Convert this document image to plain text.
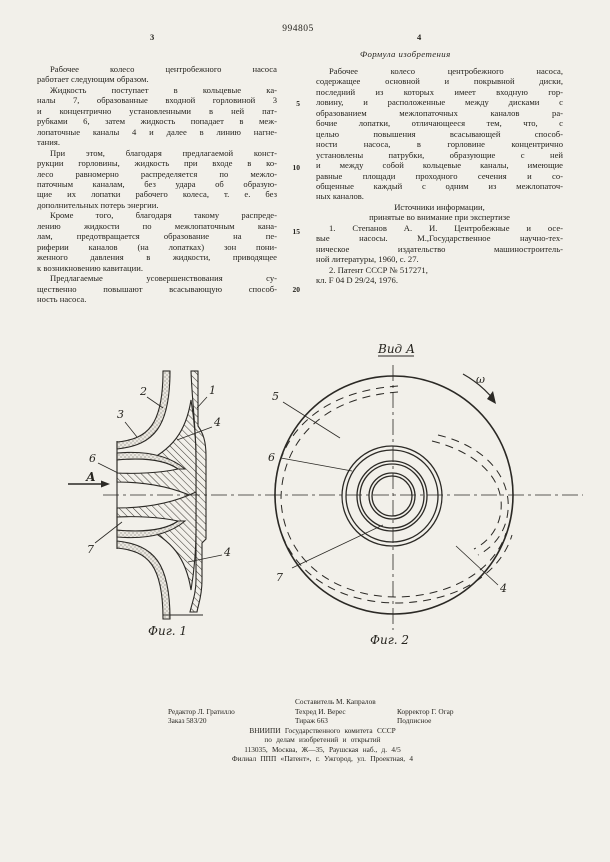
994805
3	4
Рабочее колесо центробежного насоса
работает следующим образом.
Жидкость поступает в кольцевые ка-
налы 7, образованные входной горловиной 3
и концентрично установленными в ней пат-
рубками 6, затем жидкость попадает в меж-
лопаточные каналы 4 и далее в линию нагне-
тания.
При этом, благодаря предлагаемой конст-
рукции горловины, жидкость при входе в ко-
лесо равномерно распределяется по межло-
паточным каналам, без удара об образую-
щие их лопатки рабочего колеса, т. е. без
дополнительных потерь энергии.
Кроме того, благодаря такому распреде-
лению жидкости по межлопаточным кана-
лам, предотвращается образование на пе-
риферии каналов (на лопатках) зон пони-
женного давления в жидкости, приводящее
к возникновению кавитации.
Предлагаемые усовершенствования су-
щественно повышают всасывающую способ-
ность насоса.
Формула изобретения
Рабочее колесо центробежного насоса,
содержащее основной и покрывной диски,
последний из которых имеет входную гор-
ловину, и расположенные между дисками с
образованием межлопаточных каналов ра-
бочие лопатки, отличающееся тем, что, с
целью повышения всасывающей способ-
ности насоса, в горловине концентрично
установлены патрубки, образующие с ней
и между собой кольцевые каналы, имеющие
равные площади проходного сечения и со-
общенные каждый с одним из межлопаточ-
ных каналов.
Источники информации,
принятые во внимание при экспертизе
1. Степанов А. И. Центробежные и осе-
вые насосы. М.,Государственное научно-тех-
ническое издательство машиностроитель-
ной литературы, 1960, с. 27.
2. Патент СССР № 517271,
кл. F 04 D 29/24, 1976.
5
10
15
20
2	1
3
4
6
7	4
А
Фиг. 1
Вид А
ω
5
6
7
4
Фиг. 2
Составитель М. Капралов
Редактор Л. Гратилло	Техред И. Верес	Корректор Г. Огар
Заказ 583/20	Тираж 663	Подписное
ВНИИПИ Государственного комитета СССР
по делам изобретений и открытий
113035, Москва, Ж—35, Раушская наб., д. 4/5
Филиал ППП «Патент», г. Ужгород, ул. Проектная, 4
